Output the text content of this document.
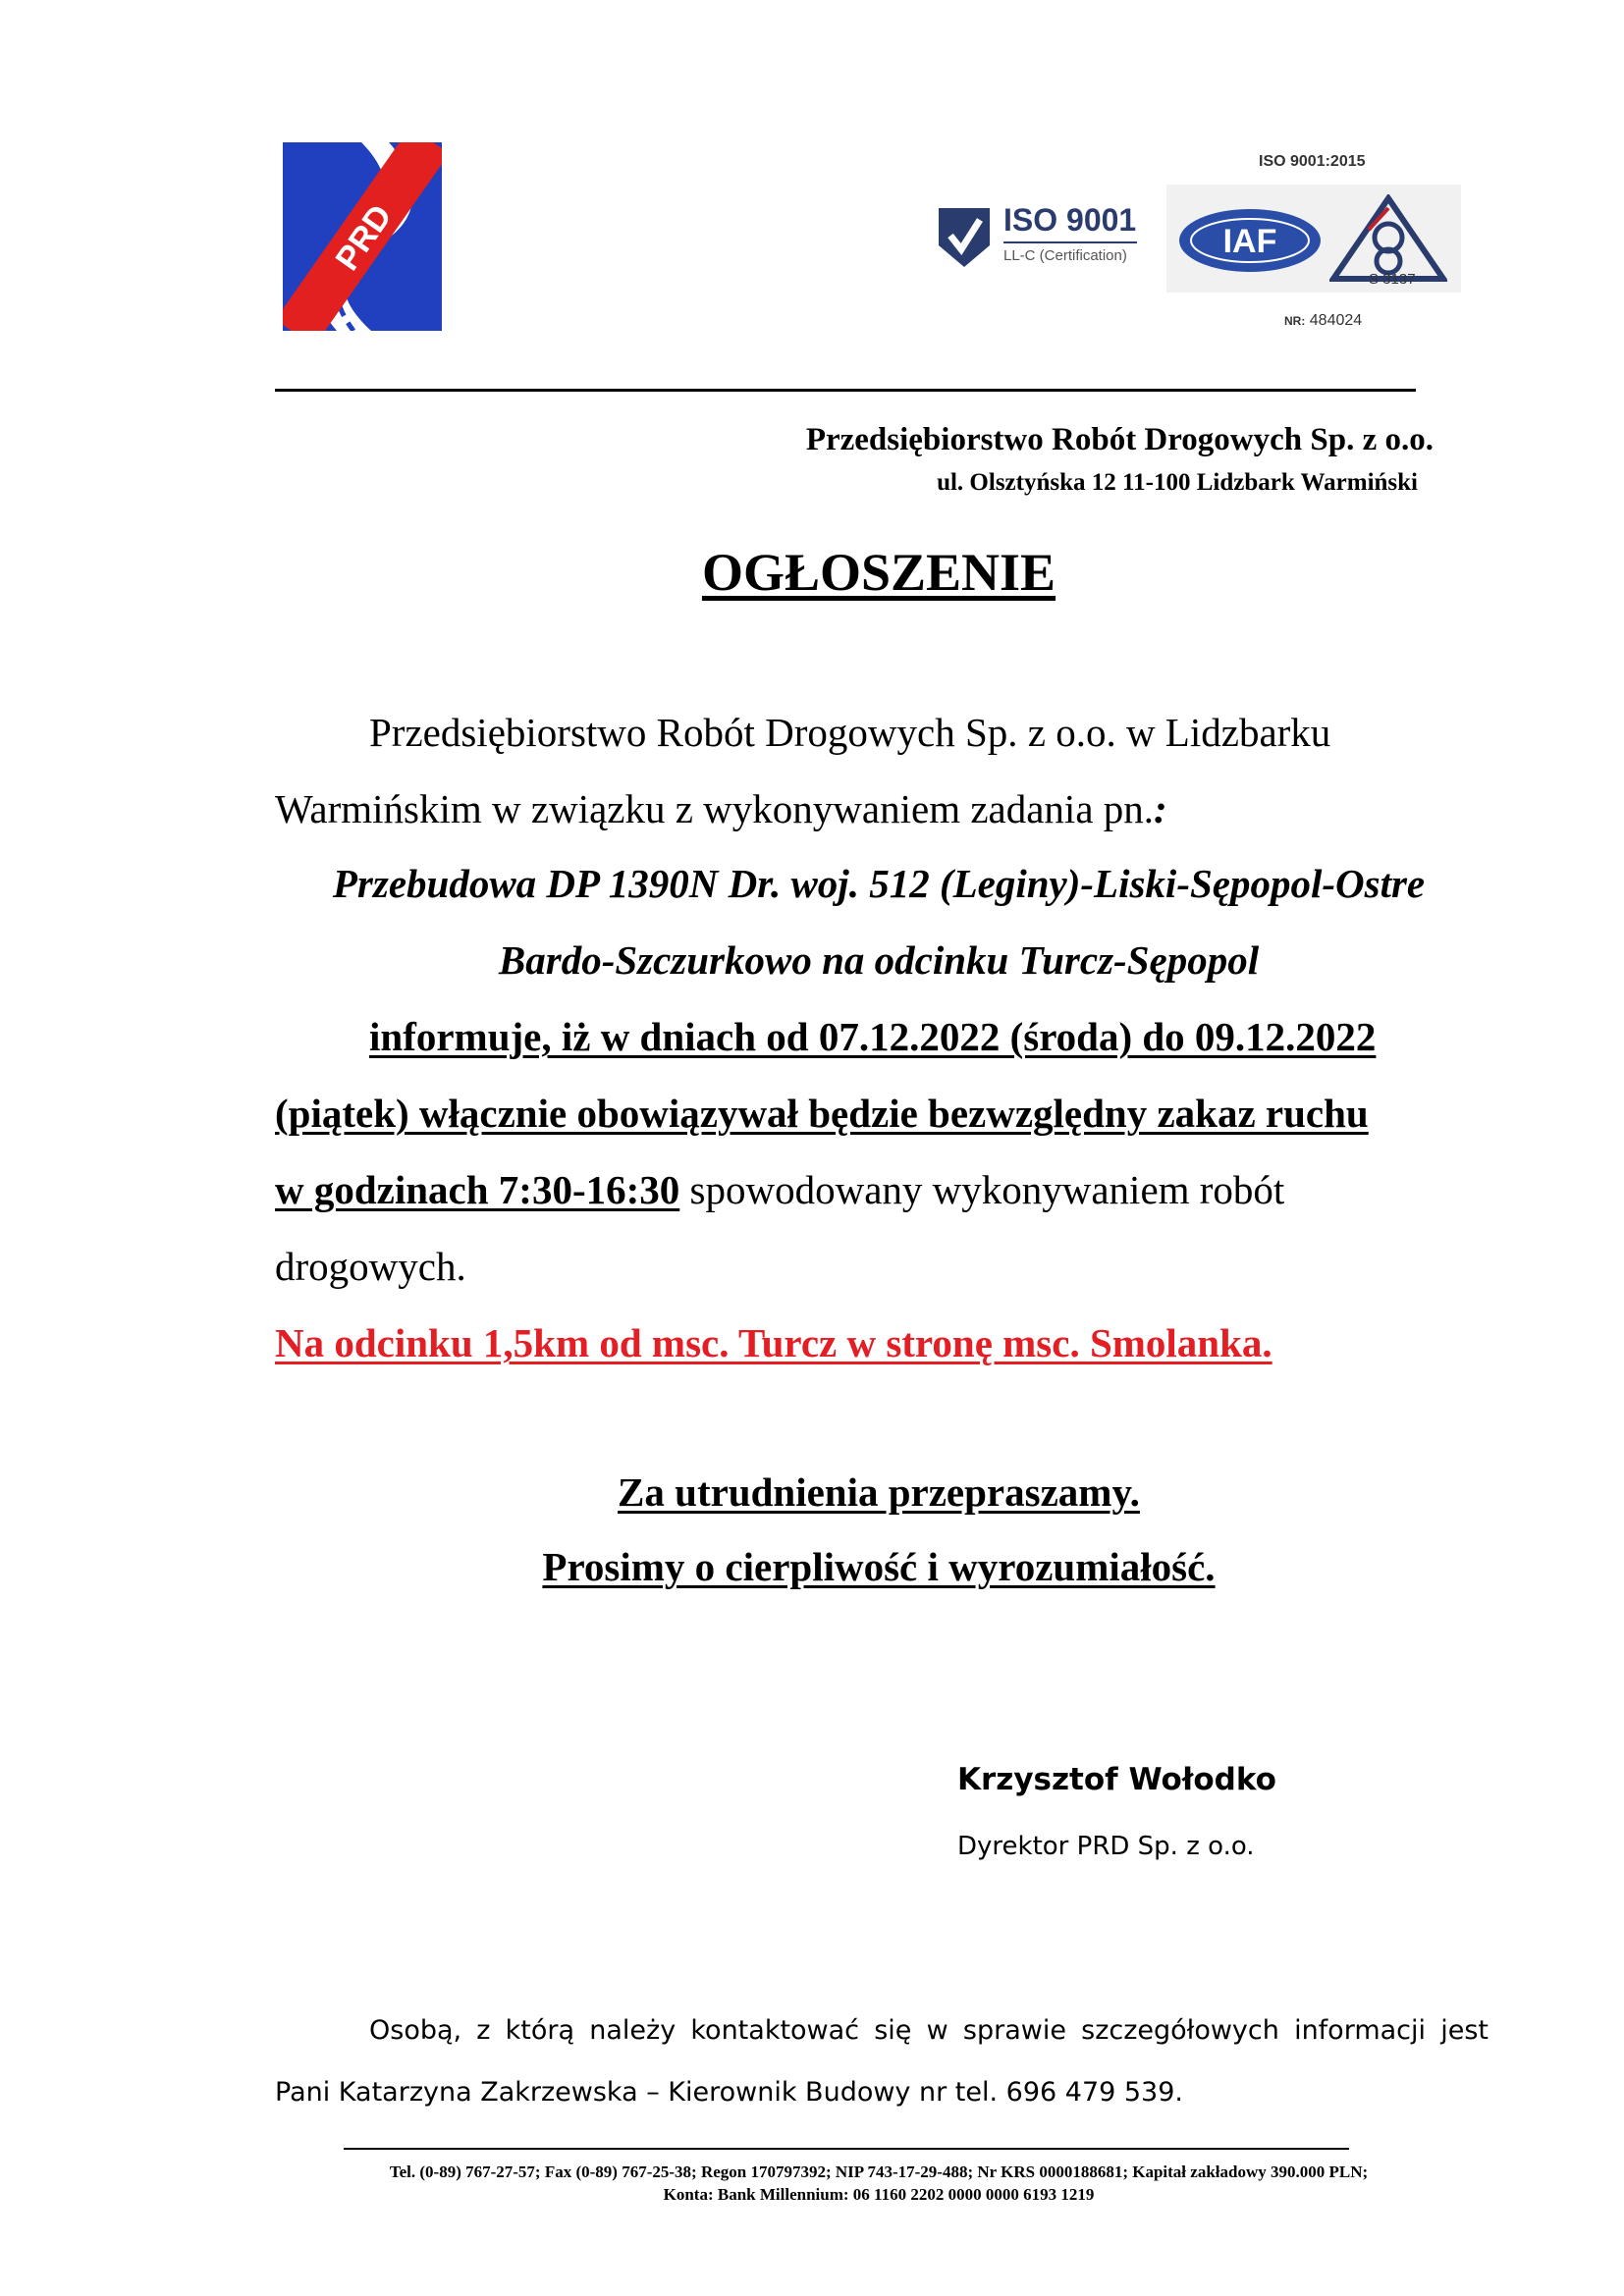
PRD	ISO 9001
LL-C (Certification)
ISO 9001:2015
IAF
S 3137
NR: 484024
Przedsiębiorstwo Robót Drogowych Sp. z o.o.
ul. Olsztyńska 12 11-100 Lidzbark Warmiński
OGŁOSZENIE
Przedsiębiorstwo Robót Drogowych Sp. z o.o. w Lidzbarku
Warmińskim w związku z wykonywaniem zadania pn.:
Przebudowa DP 1390N Dr. woj. 512 (Leginy)-Liski-Sępopol-Ostre
Bardo-Szczurkowo na odcinku Turcz-Sępopol
informuje, iż w dniach od 07.12.2022 (środa) do 09.12.2022
(piątek) włącznie obowiązywał będzie bezwzględny zakaz ruchu
w godzinach 7:30-16:30 spowodowany wykonywaniem robót
drogowych.
Na odcinku 1,5km od msc. Turcz w stronę msc. Smolanka.
Za utrudnienia przepraszamy.
Prosimy o cierpliwość i wyrozumiałość.
Krzysztof Wołodko
Dyrektor PRD Sp. z o.o.
Osobą, z którą należy kontaktować się w sprawie szczegółowych informacji jest
Pani Katarzyna Zakrzewska – Kierownik Budowy nr tel. 696 479 539.
Tel. (0-89) 767-27-57; Fax (0-89) 767-25-38; Regon 170797392; NIP 743-17-29-488; Nr KRS 0000188681; Kapitał zakładowy 390.000 PLN;
Konta: Bank Millennium: 06 1160 2202 0000 0000 6193 1219
